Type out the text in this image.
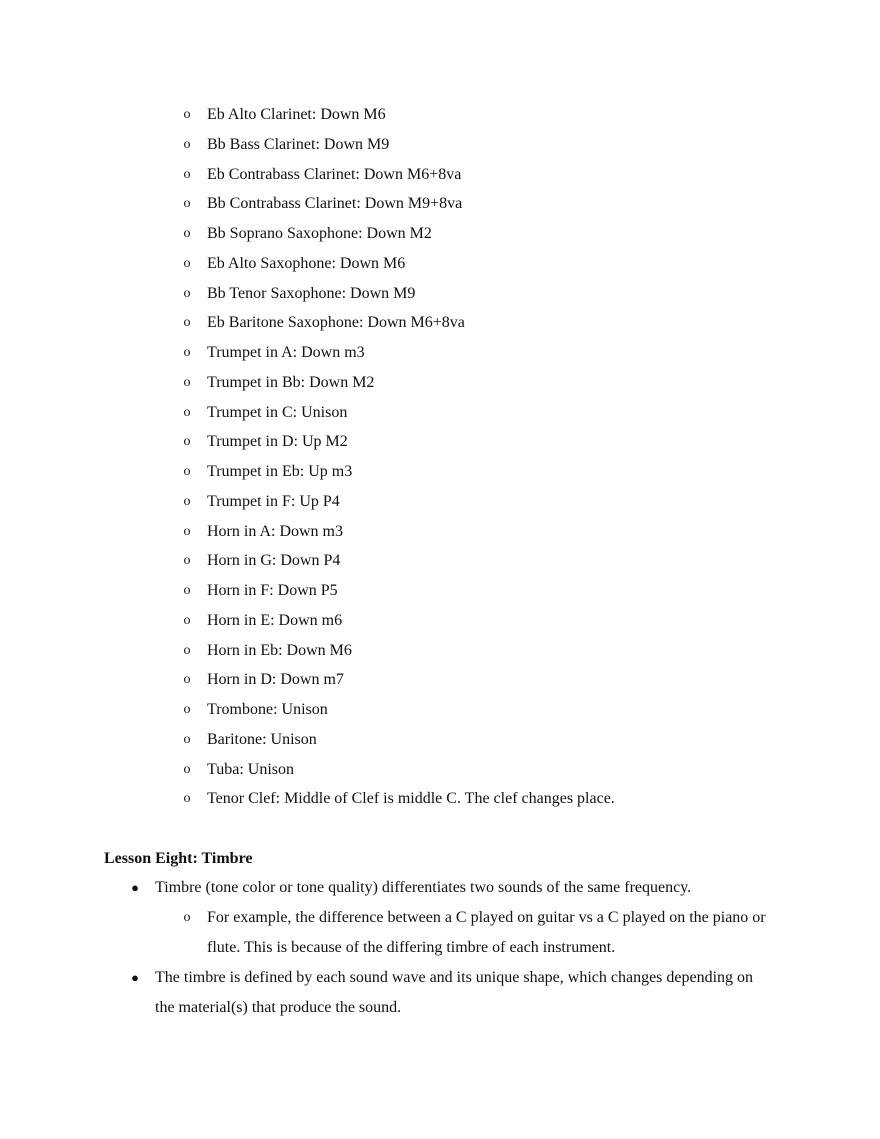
o Eb Alto Clarinet: Down M6
o Bb Bass Clarinet: Down M9
o Eb Contrabass Clarinet: Down M6+8va
o Bb Contrabass Clarinet: Down M9+8va
o Bb Soprano Saxophone: Down M2
o Eb Alto Saxophone: Down M6
o Bb Tenor Saxophone: Down M9
o Eb Baritone Saxophone: Down M6+8va
o Trumpet in A: Down m3
o Trumpet in Bb: Down M2
o Trumpet in C: Unison
o Trumpet in D: Up M2
o Trumpet in Eb: Up m3
o Trumpet in F: Up P4
o Horn in A: Down m3
o Horn in G: Down P4
o Horn in F: Down P5
o Horn in E: Down m6
o Horn in Eb: Down M6
o Horn in D: Down m7
o Trombone: Unison
o Baritone: Unison
o Tuba: Unison
o Tenor Clef: Middle of Clef is middle C. The clef changes place.
Lesson Eight: Timbre
● Timbre (tone color or tone quality) differentiates two sounds of the same frequency.
o For example, the difference between a C played on guitar vs a C played on the piano or flute. This is because of the differing timbre of each instrument.
● The timbre is defined by each sound wave and its unique shape, which changes depending on the material(s) that produce the sound.
